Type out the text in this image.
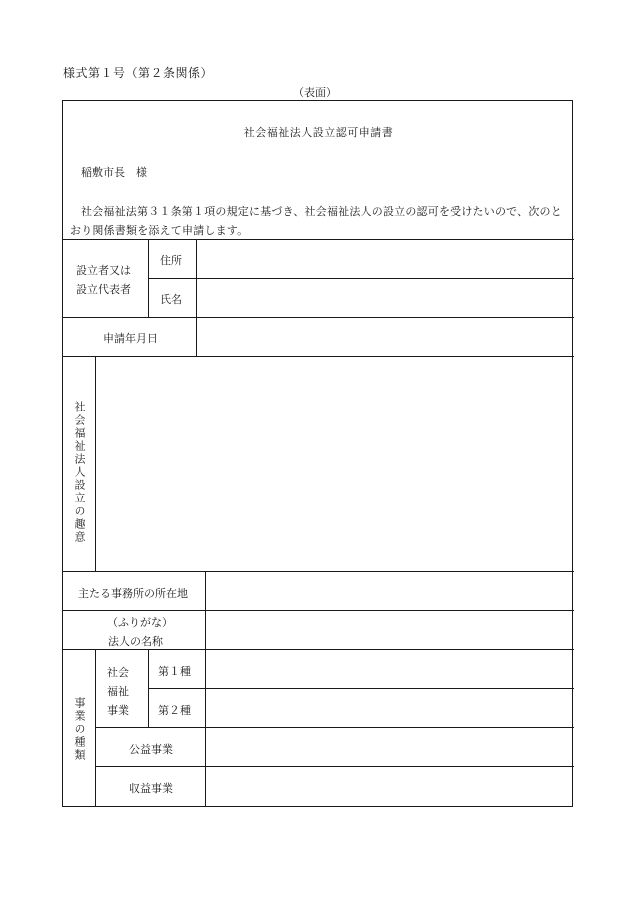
様式第１号（第２条関係）
（表面）
社会福祉法人設立認可申請書
稲敷市長　様
社会福祉法第３１条第１項の規定に基づき、社会福祉法人の設立の認可を受けたいので、次のとおり関係書類を添えて申請します。
設立者又は
設立代表者
住所
氏名
申請年月日
社会福祉法人設立の趣意
主たる事務所の所在地
（ふりがな）
法人の名称
事業の種類
社会
福祉
事業
第１種
第２種
公益事業
収益事業
